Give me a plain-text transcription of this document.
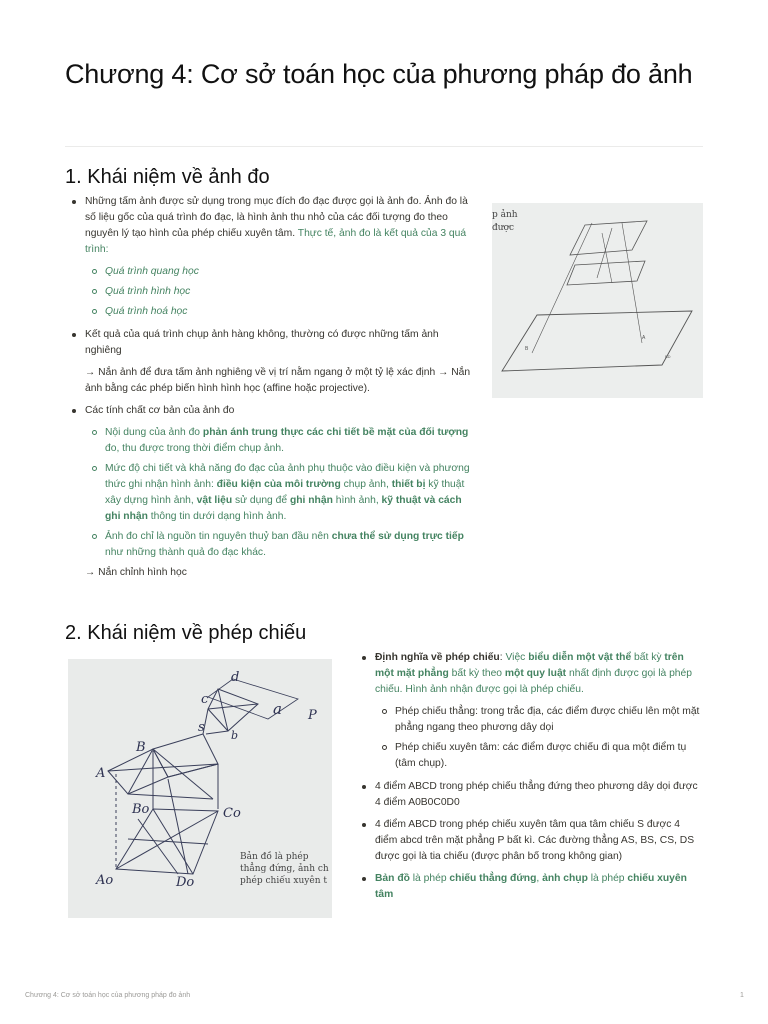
Chương 4: Cơ sở toán học của phương pháp đo ảnh
1. Khái niệm về ảnh đo
Những tấm ảnh được sử dụng trong mục đích đo đạc được gọi là ảnh đo. Ảnh đo là số liệu gốc của quá trình đo đạc, là hình ảnh thu nhỏ của các đối tượng đo theo nguyên lý tạo hình của phép chiếu xuyên tâm. Thực tế, ảnh đo là kết quả của 3 quá trình:
Quá trình quang học
Quá trình hình học
Quá trình hoá học
Kết quả của quá trình chụp ảnh hàng không, thường có được những tấm ảnh nghiêng
→ Nắn ảnh để đưa tấm ảnh nghiêng về vị trí nằm ngang ở một tỷ lệ xác định → Nắn ảnh bằng các phép biến hình hình học (affine hoặc projective).
Các tính chất cơ bản của ảnh đo
Nội dung của ảnh đo phản ánh trung thực các chi tiết bề mặt của đối tượng đo, thu được trong thời điểm chụp ảnh.
Mức độ chi tiết và khả năng đo đạc của ảnh phụ thuộc vào điều kiện và phương thức ghi nhận hình ảnh: điều kiện của môi trường chụp ảnh, thiết bị kỹ thuật xây dựng hình ảnh, vật liệu sử dụng để ghi nhận hình ảnh, kỹ thuật và cách ghi nhận thông tin dưới dạng hình ảnh.
Ảnh đo chỉ là nguồn tin nguyên thuỷ ban đầu nên chưa thể sử dụng trực tiếp như những thành quả đo đạc khác.
→ Nắn chỉnh hình học
p ảnh
được
B
A
BD
2. Khái niệm về phép chiếu
d
c
a P
s
b
B
A
Bo	Co
Ao	Do
Bản đồ là phép
thẳng đứng, ảnh ch
phép chiếu xuyên t
Định nghĩa về phép chiếu: Việc biểu diễn một vật thể bất kỳ trên một mặt phẳng bất kỳ theo một quy luật nhất định được gọi là phép chiếu. Hình ảnh nhận được gọi là phép chiếu.
Phép chiếu thẳng: trong trắc địa, các điểm được chiếu lên một mặt phẳng ngang theo phương dây dọi
Phép chiếu xuyên tâm: các điểm được chiếu đi qua một điểm tụ (tâm chụp).
4 điểm ABCD trong phép chiếu thẳng đứng theo phương dây dọi được 4 điểm A0B0C0D0
4 điểm ABCD trong phép chiếu xuyên tâm qua tâm chiếu S được 4 điểm abcd trên mặt phẳng P bất kì. Các đường thẳng AS, BS, CS, DS được gọi là tia chiếu (được phân bố trong không gian)
Bản đồ là phép chiếu thẳng đứng, ảnh chụp là phép chiếu xuyên tâm
Chương 4: Cơ sở toán học của phương pháp đo ảnh	1
